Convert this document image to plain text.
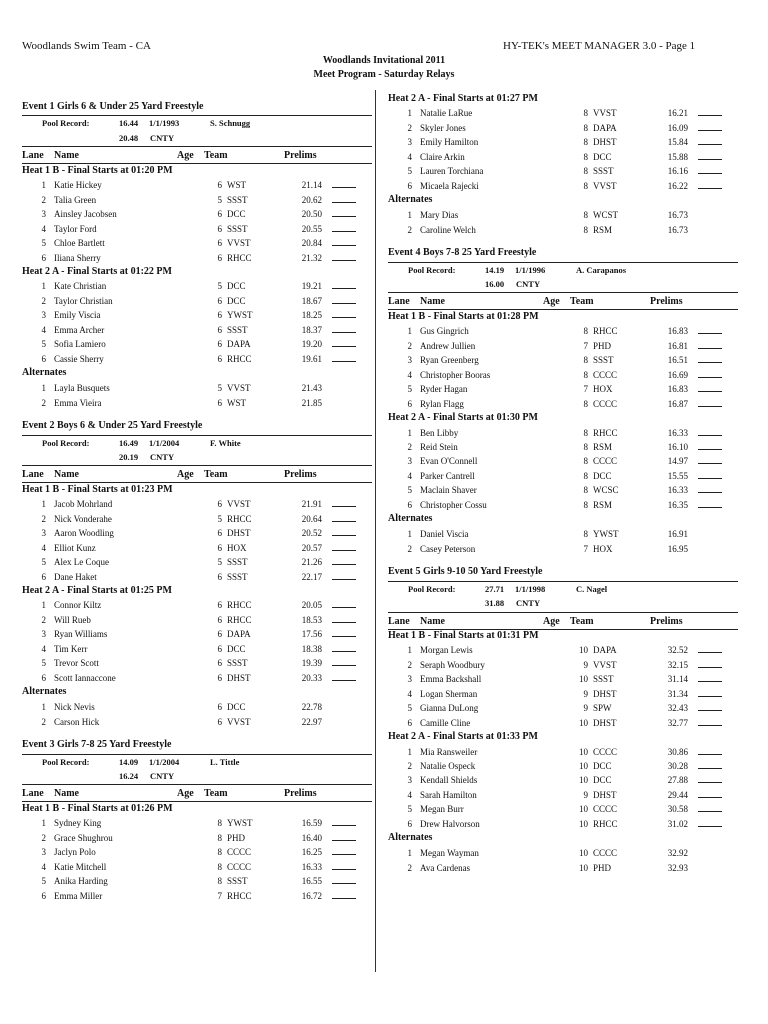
Woodlands Swim Team - CA	HY-TEK's MEET MANAGER 3.0 - Page 1
Woodlands Invitational 2011
Meet Program - Saturday Relays
Event 1 Girls 6 & Under 25 Yard Freestyle
Pool Record:	16.44 1/1/1993	S. Schnugg
20.48 CNTY
Lane Name	Age Team	Prelims
Heat 1 B - Final Starts at 01:20 PM
1 Katie Hickey	6 WST	21.14
2 Talia Green	5 SSST	20.62
3 Ainsley Jacobsen	6 DCC	20.50
4 Taylor Ford	6 SSST	20.55
5 Chloe Bartlett	6 VVST	20.84
6 Iliana Sherry	6 RHCC	21.32
Heat 2 A - Final Starts at 01:22 PM
1 Kate Christian	5 DCC	19.21
2 Taylor Christian	6 DCC	18.67
3 Emily Viscia	6 YWST	18.25
4 Emma Archer	6 SSST	18.37
5 Sofia Lamiero	6 DAPA	19.20
6 Cassie Sherry	6 RHCC	19.61
Alternates
1 Layla Busquets	5 VVST	21.43
2 Emma Vieira	6 WST	21.85
Event 2 Boys 6 & Under 25 Yard Freestyle
Pool Record:	16.49 1/1/2004	F. White
20.19 CNTY
Lane Name	Age Team	Prelims
Heat 1 B - Final Starts at 01:23 PM
1 Jacob Mohrland	6 VVST	21.91
2 Nick Vonderahe	5 RHCC	20.64
3 Aaron Woodling	6 DHST	20.52
4 Elliot Kunz	6 HOX	20.57
5 Alex Le Coque	5 SSST	21.26
6 Dane Haket	6 SSST	22.17
Heat 2 A - Final Starts at 01:25 PM
1 Connor Kiltz	6 RHCC	20.05
2 Will Rueb	6 RHCC	18.53
3 Ryan Williams	6 DAPA	17.56
4 Tim Kerr	6 DCC	18.38
5 Trevor Scott	6 SSST	19.39
6 Scott Iannaccone	6 DHST	20.33
Alternates
1 Nick Nevis	6 DCC	22.78
2 Carson Hick	6 VVST	22.97
Event 3 Girls 7-8 25 Yard Freestyle
Pool Record:	14.09 1/1/2004	L. Tittle
16.24 CNTY
Lane Name	Age Team	Prelims
Heat 1 B - Final Starts at 01:26 PM
1 Sydney King	8 YWST	16.59
2 Grace Shughrou	8 PHD	16.40
3 Jaclyn Polo	8 CCCC	16.25
4 Katie Mitchell	8 CCCC	16.33
5 Anika Harding	8 SSST	16.55
6 Emma Miller	7 RHCC	16.72
Heat 2 A - Final Starts at 01:27 PM
1 Natalie LaRue	8 VVST	16.21
2 Skyler Jones	8 DAPA	16.09
3 Emily Hamilton	8 DHST	15.84
4 Claire Arkin	8 DCC	15.88
5 Lauren Torchiana	8 SSST	16.16
6 Micaela Rajecki	8 VVST	16.22
Alternates
1 Mary Dias	8 WCST	16.73
2 Caroline Welch	8 RSM	16.73
Event 4 Boys 7-8 25 Yard Freestyle
Pool Record:	14.19 1/1/1996	A. Carapanos
16.00 CNTY
Lane Name	Age Team	Prelims
Heat 1 B - Final Starts at 01:28 PM
1 Gus Gingrich	8 RHCC	16.83
2 Andrew Jullien	7 PHD	16.81
3 Ryan Greenberg	8 SSST	16.51
4 Christopher Booras	8 CCCC	16.69
5 Ryder Hagan	7 HOX	16.83
6 Rylan Flagg	8 CCCC	16.87
Heat 2 A - Final Starts at 01:30 PM
1 Ben Libby	8 RHCC	16.33
2 Reid Stein	8 RSM	16.10
3 Evan O'Connell	8 CCCC	14.97
4 Parker Cantrell	8 DCC	15.55
5 Maclain Shaver	8 WCSC	16.33
6 Christopher Cossu	8 RSM	16.35
Alternates
1 Daniel Viscia	8 YWST	16.91
2 Casey Peterson	7 HOX	16.95
Event 5 Girls 9-10 50 Yard Freestyle
Pool Record:	27.71 1/1/1998	C. Nagel
31.88 CNTY
Lane Name	Age Team	Prelims
Heat 1 B - Final Starts at 01:31 PM
1 Morgan Lewis	10 DAPA	32.52
2 Seraph Woodbury	9 VVST	32.15
3 Emma Backshall	10 SSST	31.14
4 Logan Sherman	9 DHST	31.34
5 Gianna DuLong	9 SPW	32.43
6 Camille Cline	10 DHST	32.77
Heat 2 A - Final Starts at 01:33 PM
1 Mia Ransweiler	10 CCCC	30.86
2 Natalie Ospeck	10 DCC	30.28
3 Kendall Shields	10 DCC	27.88
4 Sarah Hamilton	9 DHST	29.44
5 Megan Burr	10 CCCC	30.58
6 Drew Halvorson	10 RHCC	31.02
Alternates
1 Megan Wayman	10 CCCC	32.92
2 Ava Cardenas	10 PHD	32.93
